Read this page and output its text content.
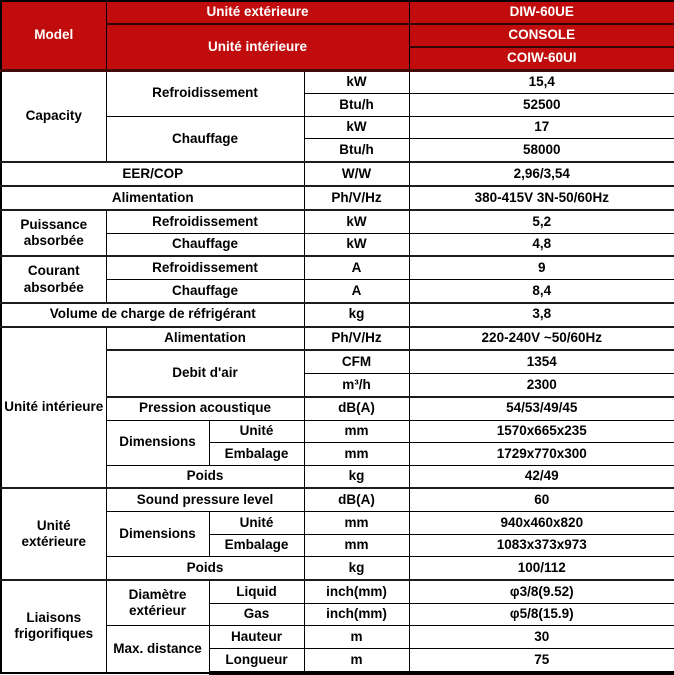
Model	Unité extérieure			DIW-60UE
	Unité intérieure			CONSOLE
				COIW-60UI
Capacity	Refroidissement		kW	15,4
			Btu/h	52500
	Chauffage		kW	17
			Btu/h	58000
EER/COP			W/W	2,96/3,54
Alimentation			Ph/V/Hz	380-415V 3N-50/60Hz
Puissance absorbée	Refroidissement		kW	5,2
	Chauffage		kW	4,8
Courant absorbée	Refroidissement		A	9
	Chauffage		A	8,4
Volume de charge de réfrigérant			kg	3,8
Unité intérieure	Alimentation		Ph/V/Hz	220-240V ~50/60Hz
	Debit d'air		CFM	1354
			m³/h	2300
	Pression acoustique		dB(A)	54/53/49/45
	Dimensions	Unité	mm	1570x665x235
		Embalage	mm	1729x770x300
	Poids		kg	42/49
Unité extérieure	Sound pressure level		dB(A)	60
	Dimensions	Unité	mm	940x460x820
		Embalage	mm	1083x373x973
	Poids		kg	100/112
Liaisons frigorifiques	Diamètre extérieur	Liquid	inch(mm)	φ3/8(9.52)
		Gas	inch(mm)	φ5/8(15.9)
	Max. distance	Hauteur	m	30
		Longueur	m	75
